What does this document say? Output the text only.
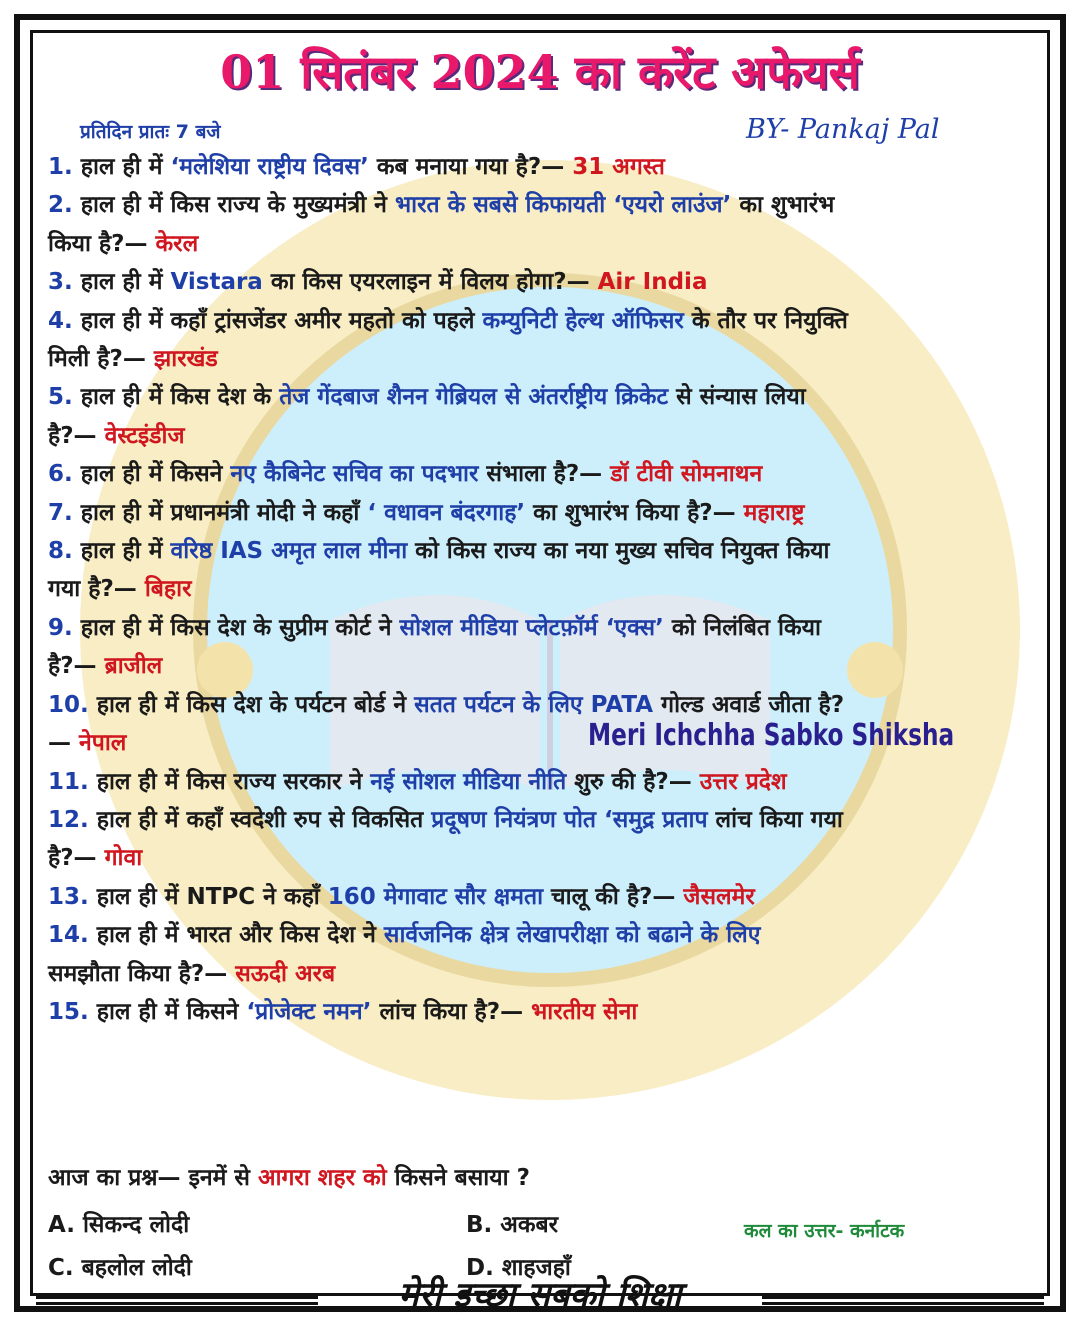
01 सितंबर 2024 का करेंट अफेयर्स
प्रतिदिन प्रातः 7 बजे	BY- Pankaj Pal
1. हाल ही में ‘मलेशिया राष्ट्रीय दिवस’ कब मनाया गया है?— 31 अगस्त
2. हाल ही में किस राज्य के मुख्यमंत्री ने भारत के सबसे किफायती ‘एयरो लाउंज’ का शुभारंभ
किया है?— केरल
3. हाल ही में Vistara का किस एयरलाइन में विलय होगा?— Air India
4. हाल ही में कहाँ ट्रांसजेंडर अमीर महतो को पहले कम्युनिटी हेल्थ ऑफिसर के तौर पर नियुक्ति
मिली है?— झारखंड
5. हाल ही में किस देश के तेज गेंदबाज शैनन गेब्रियल से अंतर्राष्ट्रीय क्रिकेट से संन्यास लिया
है?— वेस्टइंडीज
6. हाल ही में किसने नए कैबिनेट सचिव का पदभार संभाला है?— डॉ टीवी सोमनाथन
7. हाल ही में प्रधानमंत्री मोदी ने कहाँ ‘ वधावन बंदरगाह’ का शुभारंभ किया है?— महाराष्ट्र
8. हाल ही में वरिष्ठ IAS अमृत लाल मीना को किस राज्य का नया मुख्य सचिव नियुक्त किया
गया है?— बिहार
9. हाल ही में किस देश के सुप्रीम कोर्ट ने सोशल मीडिया प्लेटफ़ॉर्म ‘एक्स’ को निलंबित किया
है?— ब्राजील
10. हाल ही में किस देश के पर्यटन बोर्ड ने सतत पर्यटन के लिए PATA गोल्ड अवार्ड जीता है?
— नेपाल
11. हाल ही में किस राज्य सरकार ने नई सोशल मीडिया नीति शुरु की है?— उत्तर प्रदेश
12. हाल ही में कहाँ स्वदेशी रुप से विकसित प्रदूषण नियंत्रण पोत ‘समुद्र प्रताप लांच किया गया
है?— गोवा
13. हाल ही में NTPC ने कहाँ 160 मेगावाट सौर क्षमता चालू की है?— जैसलमेर
14. हाल ही में भारत और किस देश ने सार्वजनिक क्षेत्र लेखापरीक्षा को बढाने के लिए
समझौता किया है?— सऊदी अरब
15. हाल ही में किसने ‘प्रोजेक्ट नमन’ लांच किया है?— भारतीय सेना
Meri Ichchha Sabko Shiksha
आज का प्रश्न— इनमें से आगरा शहर को किसने बसाया ?
A. सिकन्द लोदी	B. अकबर
C. बहलोल लोदी	D. शाहजहाँ
कल का उत्तर- कर्नाटक
मेरी इच्छा सबको शिक्षा
